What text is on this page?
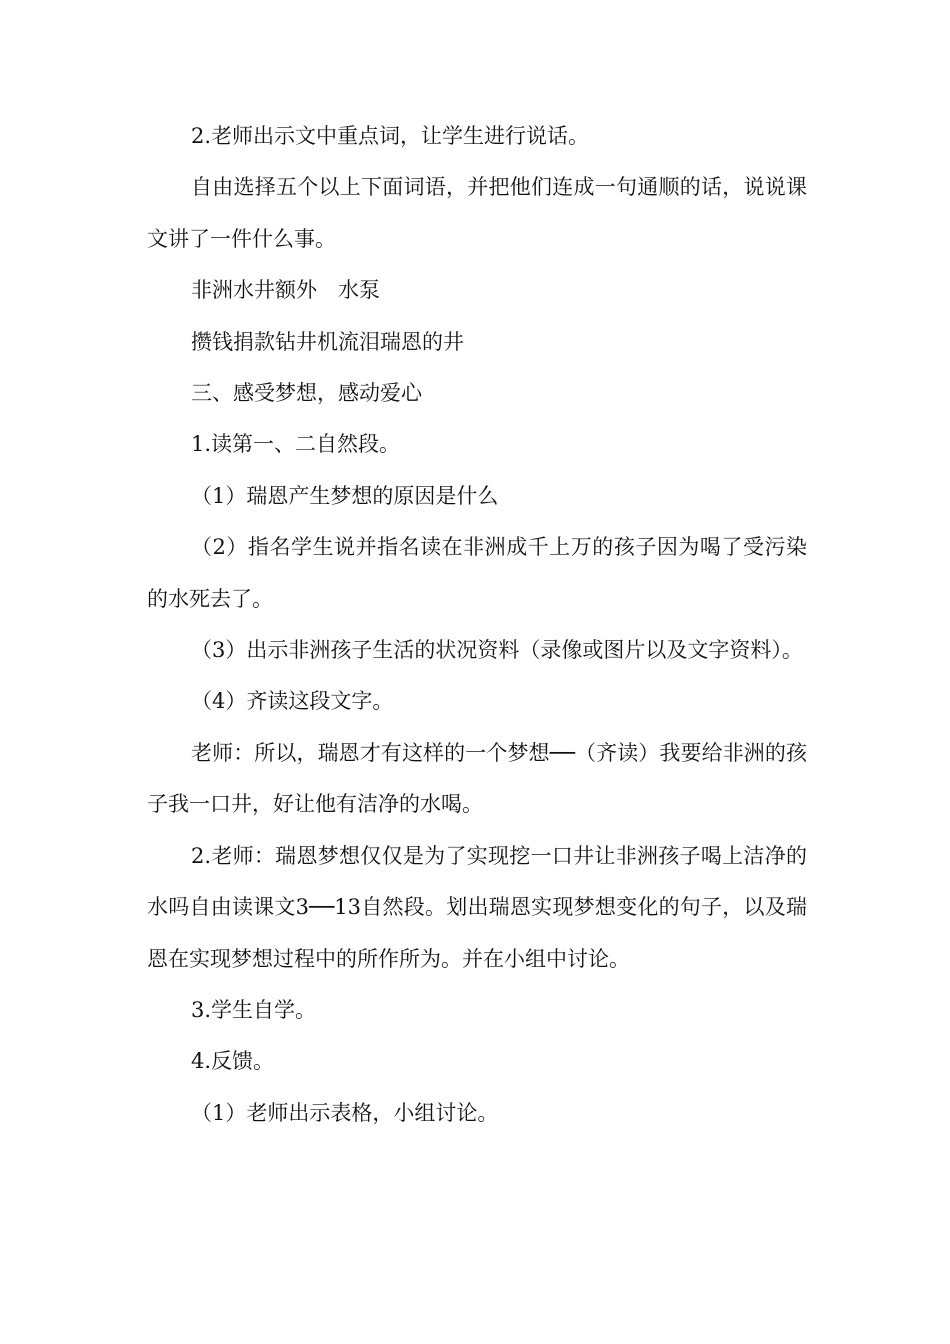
2.老师出示文中重点词，让学生进行说话。

自由选择五个以上下面词语，并把他们连成一句通顺的话，说说课文讲了一件什么事。

非洲水井额外　水泵

攒钱捐款钻井机流泪瑞恩的井

三、感受梦想，感动爱心

1.读第一、二自然段。

（1）瑞恩产生梦想的原因是什么

（2）指名学生说并指名读在非洲成千上万的孩子因为喝了受污染的水死去了。

（3）出示非洲孩子生活的状况资料（录像或图片以及文字资料）。

（4）齐读这段文字。

老师：所以，瑞恩才有这样的一个梦想──（齐读）我要给非洲的孩子我一口井，好让他有洁净的水喝。

2.老师：瑞恩梦想仅仅是为了实现挖一口井让非洲孩子喝上洁净的水吗自由读课文3──13自然段。划出瑞恩实现梦想变化的句子，以及瑞恩在实现梦想过程中的所作所为。并在小组中讨论。

3.学生自学。

4.反馈。

（1）老师出示表格，小组讨论。
